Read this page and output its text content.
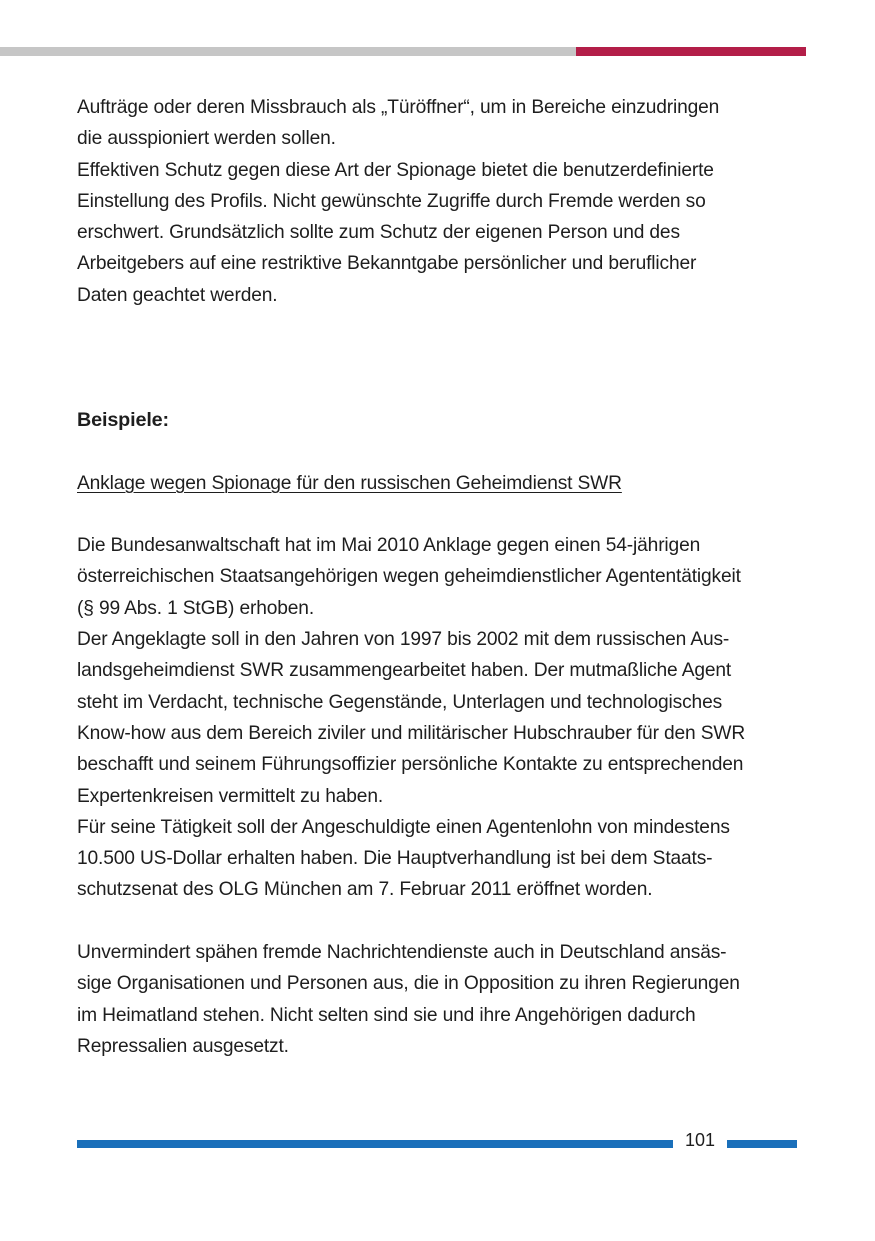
Aufträge oder deren Missbrauch als „Türöffner“, um in Bereiche einzudringen

die ausspioniert werden sollen.

Effektiven Schutz gegen diese Art der Spionage bietet die benutzerdefinierte

Einstellung des Profils. Nicht gewünschte Zugriffe durch Fremde werden so

erschwert. Grundsätzlich sollte zum Schutz der eigenen Person und des

Arbeitgebers auf eine restriktive Bekanntgabe persönlicher und beruflicher

Daten geachtet werden.

Beispiele:

Anklage wegen Spionage für den russischen Geheimdienst SWR

Die Bundesanwaltschaft hat im Mai 2010 Anklage gegen einen 54-jährigen

österreichischen Staatsangehörigen wegen geheimdienstlicher Agententätigkeit

(§ 99 Abs. 1 StGB) erhoben.

Der Angeklagte soll in den Jahren von 1997 bis 2002 mit dem russischen Aus-

landsgeheimdienst SWR zusammengearbeitet haben. Der mutmaßliche Agent

steht im Verdacht, technische Gegenstände, Unterlagen und technologisches

Know-how aus dem Bereich ziviler und militärischer Hubschrauber für den SWR

beschafft und seinem Führungsoffizier persönliche Kontakte zu entsprechenden

Expertenkreisen vermittelt zu haben.

Für seine Tätigkeit soll der Angeschuldigte einen Agentenlohn von mindestens

10.500 US-Dollar erhalten haben. Die Hauptverhandlung ist bei dem Staats-

schutzsenat des OLG München am 7. Februar 2011 eröffnet worden.

Unvermindert spähen fremde Nachrichtendienste auch in Deutschland ansäs-

sige Organisationen und Personen aus, die in Opposition zu ihren Regierungen

im Heimatland stehen. Nicht selten sind sie und ihre Angehörigen dadurch

Repressalien ausgesetzt.

101
